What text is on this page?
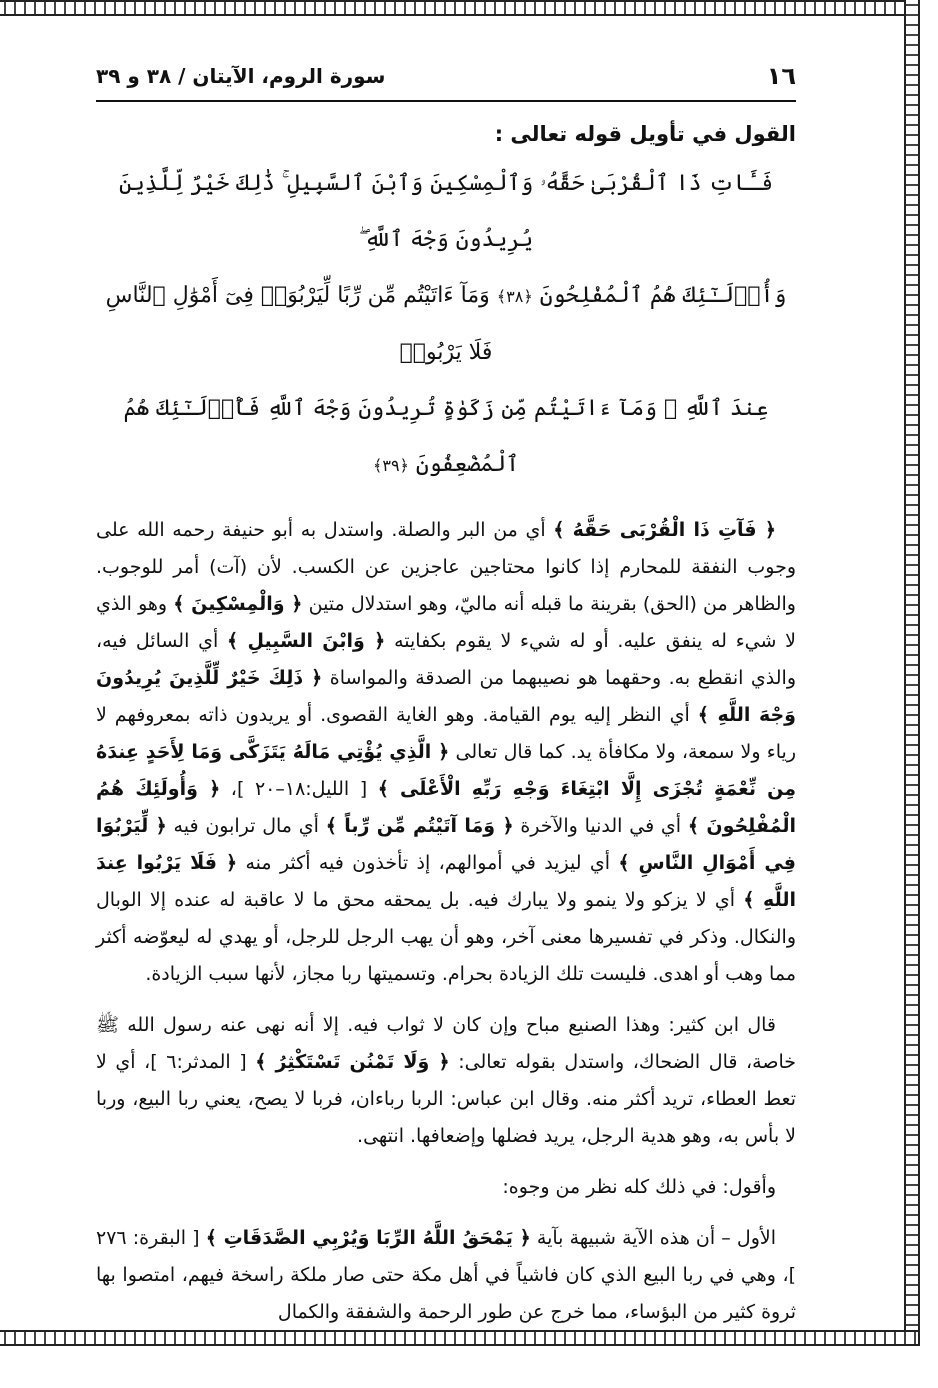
١٦
سورة الروم، الآيتان / ٣٨ و ٣٩
القول في تأويل قوله تعالى :
فَـَٔاتِ ذَا ٱلْقُرْبَىٰ حَقَّهُۥ وَٱلْمِسْكِينَ وَٱبْنَ ٱلسَّبِيلِ ۚ ذَٰلِكَ خَيْرٌ لِّلَّذِينَ يُرِيدُونَ وَجْهَ ٱللَّهِ ۖ
وَأُو۟لَـٰٓئِكَ هُمُ ٱلْمُفْلِحُونَ ﴿٣٨﴾ وَمَآ ءَاتَيْتُم مِّن رِّبًا لِّيَرْبُوَا۟ فِىٓ أَمْوَٰلِ ٱلنَّاسِ فَلَا يَرْبُوا۟
عِندَ ٱللَّهِ ۖ وَمَآ ءَاتَيْتُم مِّن زَكَوٰةٍ تُرِيدُونَ وَجْهَ ٱللَّهِ فَأُو۟لَـٰٓئِكَ هُمُ ٱلْمُضْعِفُونَ ﴿٣٩﴾

﴿ فَآتِ ذَا الْقُرْبَى حَقَّهُ ﴾ أي من البر والصلة. واستدل به أبو حنيفة رحمه الله على وجوب النفقة للمحارم إذا كانوا محتاجين عاجزين عن الكسب. لأن (آت) أمر للوجوب. والظاهر من (الحق) بقرينة ما قبله أنه ماليّ، وهو استدلال متين ﴿ وَالْمِسْكِينَ ﴾ وهو الذي لا شيء له ينفق عليه. أو له شيء لا يقوم بكفايته ﴿ وَابْنَ السَّبِيلِ ﴾ أي السائل فيه، والذي انقطع به. وحقهما هو نصيبهما من الصدقة والمواساة ﴿ ذَلِكَ خَيْرٌ لِّلَّذِينَ يُرِيدُونَ وَجْهَ اللَّهِ ﴾ أي النظر إليه يوم القيامة. وهو الغاية القصوى. أو يريدون ذاته بمعروفهم لا رياء ولا سمعة، ولا مكافأة يد. كما قال تعالى ﴿ الَّذِي يُؤْتِي مَالَهُ يَتَزَكَّى وَمَا لِأَحَدٍ عِندَهُ مِن نِّعْمَةٍ تُجْزَى إِلَّا ابْتِغَاءَ وَجْهِ رَبِّهِ الْأَعْلَى ﴾ [ الليل:١٨–٢٠ ]، ﴿ وَأُولَئِكَ هُمُ الْمُفْلِحُونَ ﴾ أي في الدنيا والآخرة ﴿ وَمَا آتَيْتُم مِّن رِّباً ﴾ أي مال ترابون فيه ﴿ لِّيَرْبُوَا فِي أَمْوَالِ النَّاسِ ﴾ أي ليزيد في أموالهم، إذ تأخذون فيه أكثر منه ﴿ فَلَا يَرْبُوا عِندَ اللَّهِ ﴾ أي لا يزكو ولا ينمو ولا يبارك فيه. بل يمحقه محق ما لا عاقبة له عنده إلا الوبال والنكال. وذكر في تفسيرها معنى آخر، وهو أن يهب الرجل للرجل، أو يهدي له ليعوّضه أكثر مما وهب أو اهدى. فليست تلك الزيادة بحرام. وتسميتها ربا مجاز، لأنها سبب الزيادة.

قال ابن كثير: وهذا الصنيع مباح وإن كان لا ثواب فيه. إلا أنه نهى عنه رسول الله ﷺ خاصة، قال الضحاك، واستدل بقوله تعالى: ﴿ وَلَا تَمْنُن تَسْتَكْثِرُ ﴾ [ المدثر:٦ ]، أي لا تعط العطاء، تريد أكثر منه. وقال ابن عباس: الربا رباءان، فربا لا يصح، يعني ربا البيع، وربا لا بأس به، وهو هدية الرجل، يريد فضلها وإضعافها. انتهى.

وأقول: في ذلك كله نظر من وجوه:

الأول – أن هذه الآية شبيهة بآية ﴿ يَمْحَقُ اللَّهُ الرِّبَا وَيُرْبِي الصَّدَقَاتِ ﴾ [ البقرة: ٢٧٦ ]، وهي في ربا البيع الذي كان فاشياً في أهل مكة حتى صار ملكة راسخة فيهم، امتصوا بها ثروة كثير من البؤساء، مما خرج عن طور الرحمة والشفقة والكمال
